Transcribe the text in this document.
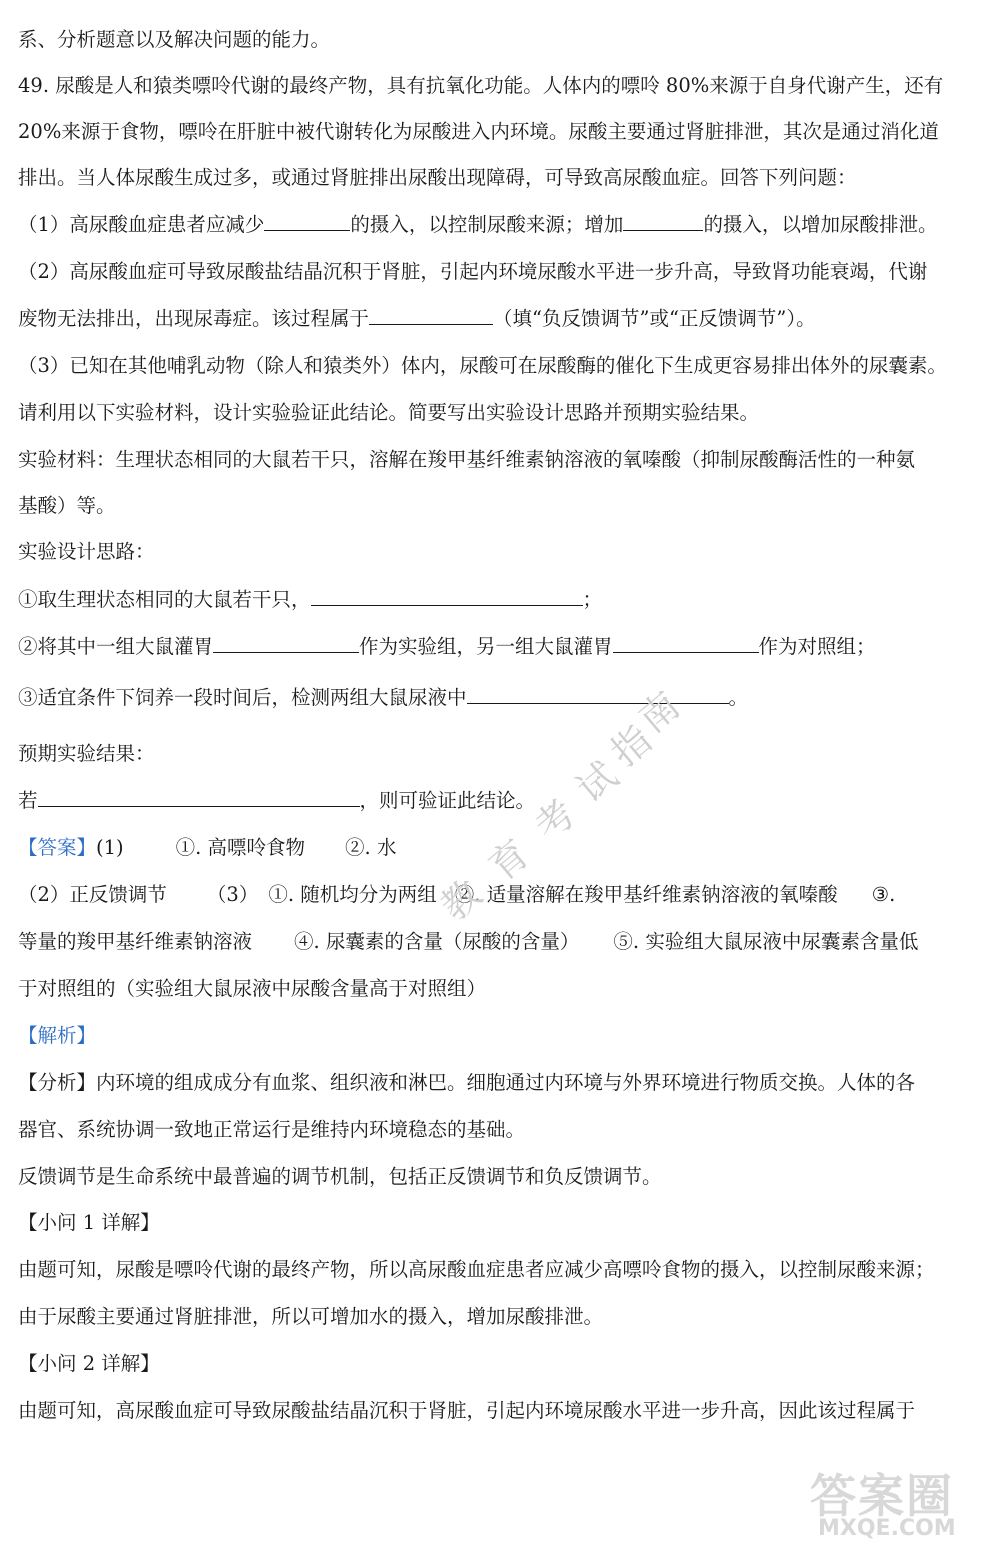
系、分析题意以及解决问题的能力。
49. 尿酸是人和猿类嘌呤代谢的最终产物，具有抗氧化功能。人体内的嘌呤 80%来源于自身代谢产生，还有
20%来源于食物，嘌呤在肝脏中被代谢转化为尿酸进入内环境。尿酸主要通过肾脏排泄，其次是通过消化道
排出。当人体尿酸生成过多，或通过肾脏排出尿酸出现障碍，可导致高尿酸血症。回答下列问题：
（1）高尿酸血症患者应减少	的摄入，以控制尿酸来源；增加	的摄入，以增加尿酸排泄。
（2）高尿酸血症可导致尿酸盐结晶沉积于肾脏，引起内环境尿酸水平进一步升高，导致肾功能衰竭，代谢
废物无法排出，出现尿毒症。该过程属于	（填“负反馈调节”或“正反馈调节”）。
（3）已知在其他哺乳动物（除人和猿类外）体内，尿酸可在尿酸酶的催化下生成更容易排出体外的尿囊素。
请利用以下实验材料，设计实验验证此结论。简要写出实验设计思路并预期实验结果。
实验材料：生理状态相同的大鼠若干只，溶解在羧甲基纤维素钠溶液的氧嗪酸（抑制尿酸酶活性的一种氨
基酸）等。
实验设计思路：
①取生理状态相同的大鼠若干只，	；
②将其中一组大鼠灌胃	作为实验组，另一组大鼠灌胃	作为对照组；
③适宜条件下饲养一段时间后，检测两组大鼠尿液中	。
预期实验结果：
若	，则可验证此结论。
【答案】(1)	①. 高嘌呤食物 ②. 水
（2）正反馈调节 （3） ①. 随机均分为两组 ②. 适量溶解在羧甲基纤维素钠溶液的氧嗪酸 ③.
等量的羧甲基纤维素钠溶液 ④. 尿囊素的含量（尿酸的含量） ⑤. 实验组大鼠尿液中尿囊素含量低
于对照组的（实验组大鼠尿液中尿酸含量高于对照组）
【解析】
【分析】内环境的组成成分有血浆、组织液和淋巴。细胞通过内环境与外界环境进行物质交换。人体的各
器官、系统协调一致地正常运行是维持内环境稳态的基础。
反馈调节是生命系统中最普遍的调节机制，包括正反馈调节和负反馈调节。
【小问 1 详解】
由题可知，尿酸是嘌呤代谢的最终产物，所以高尿酸血症患者应减少高嘌呤食物的摄入，以控制尿酸来源；
由于尿酸主要通过肾脏排泄，所以可增加水的摄入，增加尿酸排泄。
【小问 2 详解】
由题可知，高尿酸血症可导致尿酸盐结晶沉积于肾脏，引起内环境尿酸水平进一步升高，因此该过程属于
教
育
考
试
指
南
答案圈
MXQE.COM
